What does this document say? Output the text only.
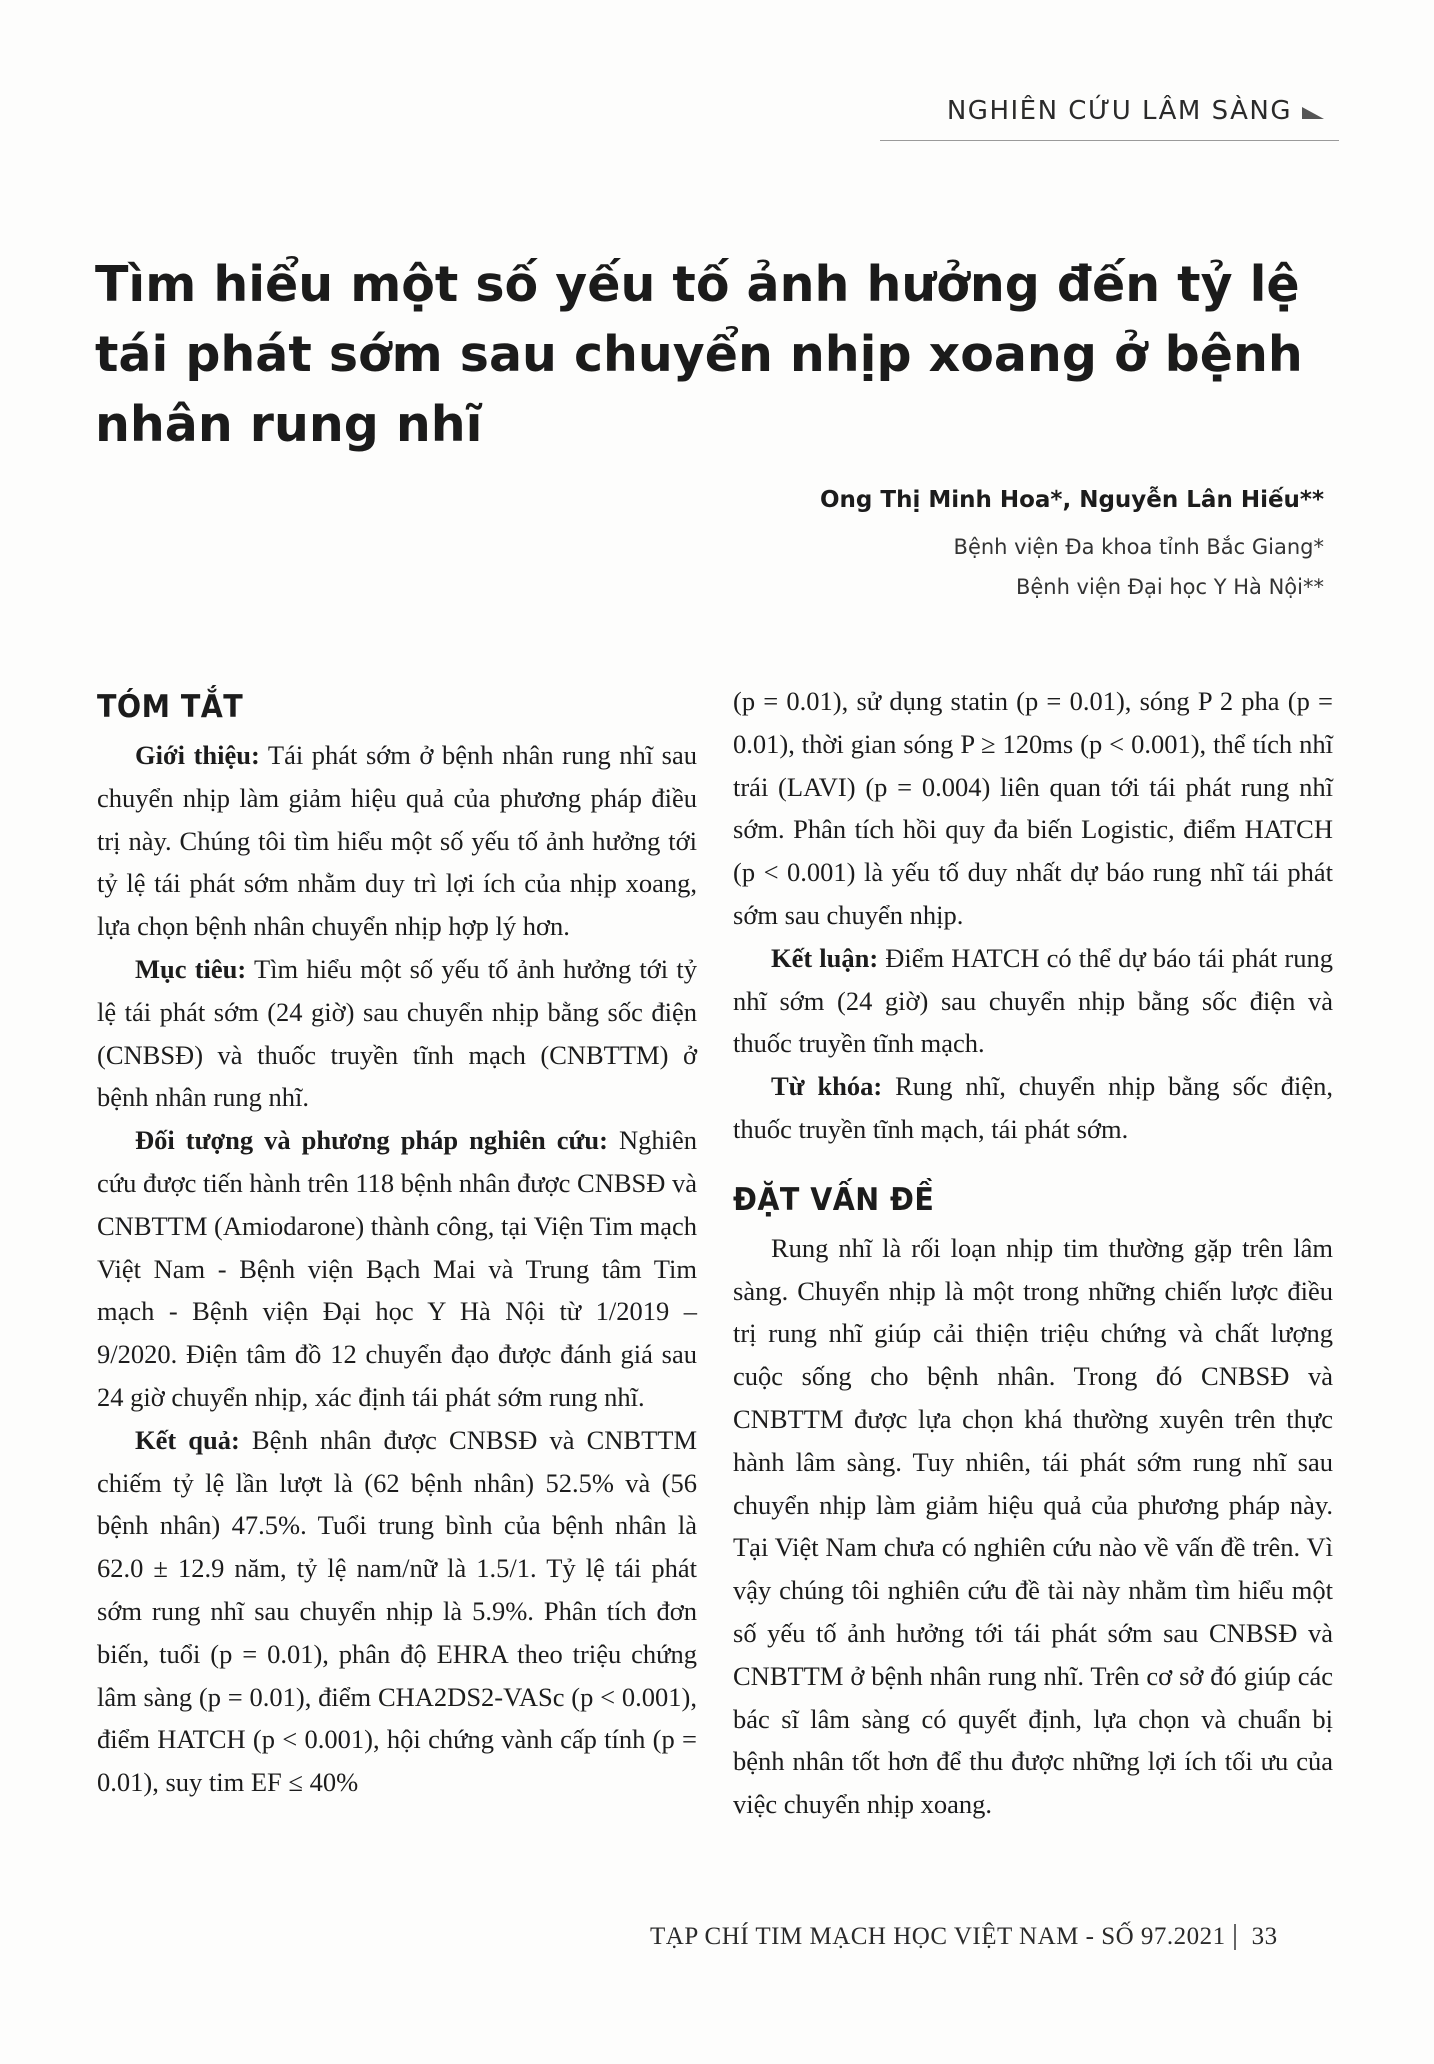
NGHIÊN CỨU LÂM SÀNG
Tìm hiểu một số yếu tố ảnh hưởng đến tỷ lệ tái phát sớm sau chuyển nhịp xoang ở bệnh nhân rung nhĩ
Ong Thị Minh Hoa*, Nguyễn Lân Hiếu**
Bệnh viện Đa khoa tỉnh Bắc Giang*
Bệnh viện Đại học Y Hà Nội**
TÓM TẮT

Giới thiệu: Tái phát sớm ở bệnh nhân rung nhĩ sau chuyển nhịp làm giảm hiệu quả của phương pháp điều trị này. Chúng tôi tìm hiểu một số yếu tố ảnh hưởng tới tỷ lệ tái phát sớm nhằm duy trì lợi ích của nhịp xoang, lựa chọn bệnh nhân chuyển nhịp hợp lý hơn.

Mục tiêu: Tìm hiểu một số yếu tố ảnh hưởng tới tỷ lệ tái phát sớm (24 giờ) sau chuyển nhịp bằng sốc điện (CNBSĐ) và thuốc truyền tĩnh mạch (CNBTTM) ở bệnh nhân rung nhĩ.

Đối tượng và phương pháp nghiên cứu: Nghiên cứu được tiến hành trên 118 bệnh nhân được CNBSĐ và CNBTTM (Amiodarone) thành công, tại Viện Tim mạch Việt Nam - Bệnh viện Bạch Mai và Trung tâm Tim mạch - Bệnh viện Đại học Y Hà Nội từ 1/2019 – 9/2020. Điện tâm đồ 12 chuyển đạo được đánh giá sau 24 giờ chuyển nhịp, xác định tái phát sớm rung nhĩ.

Kết quả: Bệnh nhân được CNBSĐ và CNBTTM chiếm tỷ lệ lần lượt là (62 bệnh nhân) 52.5% và (56 bệnh nhân) 47.5%. Tuổi trung bình của bệnh nhân là 62.0 ± 12.9 năm, tỷ lệ nam/nữ là 1.5/1. Tỷ lệ tái phát sớm rung nhĩ sau chuyển nhịp là 5.9%. Phân tích đơn biến, tuổi (p = 0.01), phân độ EHRA theo triệu chứng lâm sàng (p = 0.01), điểm CHA2DS2-VASc (p < 0.001), điểm HATCH (p < 0.001), hội chứng vành cấp tính (p = 0.01), suy tim EF ≤ 40%

(p = 0.01), sử dụng statin (p = 0.01), sóng P 2 pha (p = 0.01), thời gian sóng P ≥ 120ms (p < 0.001), thể tích nhĩ trái (LAVI) (p = 0.004) liên quan tới tái phát rung nhĩ sớm. Phân tích hồi quy đa biến Logistic, điểm HATCH (p < 0.001) là yếu tố duy nhất dự báo rung nhĩ tái phát sớm sau chuyển nhịp.

Kết luận: Điểm HATCH có thể dự báo tái phát rung nhĩ sớm (24 giờ) sau chuyển nhịp bằng sốc điện và thuốc truyền tĩnh mạch.

Từ khóa: Rung nhĩ, chuyển nhịp bằng sốc điện, thuốc truyền tĩnh mạch, tái phát sớm.

ĐẶT VẤN ĐỀ

Rung nhĩ là rối loạn nhịp tim thường gặp trên lâm sàng. Chuyển nhịp là một trong những chiến lược điều trị rung nhĩ giúp cải thiện triệu chứng và chất lượng cuộc sống cho bệnh nhân. Trong đó CNBSĐ và CNBTTM được lựa chọn khá thường xuyên trên thực hành lâm sàng. Tuy nhiên, tái phát sớm rung nhĩ sau chuyển nhịp làm giảm hiệu quả của phương pháp này. Tại Việt Nam chưa có nghiên cứu nào về vấn đề trên. Vì vậy chúng tôi nghiên cứu đề tài này nhằm tìm hiểu một số yếu tố ảnh hưởng tới tái phát sớm sau CNBSĐ và CNBTTM ở bệnh nhân rung nhĩ. Trên cơ sở đó giúp các bác sĩ lâm sàng có quyết định, lựa chọn và chuẩn bị bệnh nhân tốt hơn để thu được những lợi ích tối ưu của việc chuyển nhịp xoang.

TẠP CHÍ TIM MẠCH HỌC VIỆT NAM - SỐ 97.2021 33
